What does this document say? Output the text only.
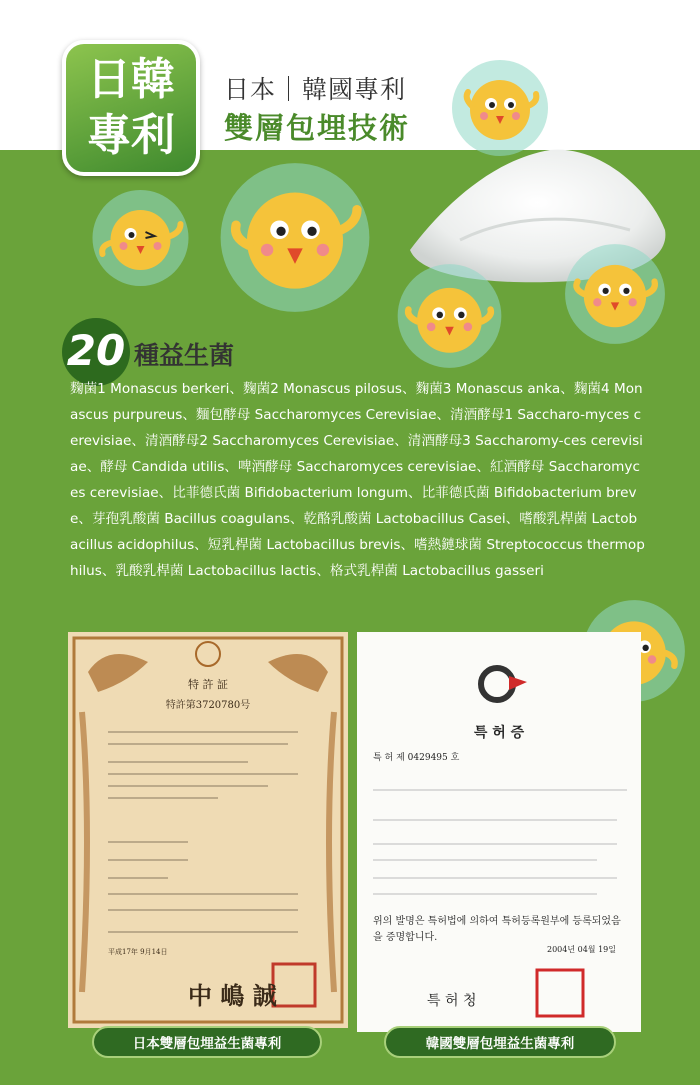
日韓
專利
日本｜韓國專利
雙層包埋技術
20 種益生菌
麴菌1 Monascus berkeri、麴菌2 Monascus pilosus、麴菌3 Monascus anka、麴菌4 Monascus purpureus、麵包酵母 Saccharomyces Cerevisiae、清酒酵母1 Saccharo-myces cerevisiae、清酒酵母2 Saccharomyces Cerevisiae、清酒酵母3 Saccharomy-ces cerevisiae、酵母 Candida utilis、啤酒酵母 Saccharomyces cerevisiae、紅酒酵母 Saccharomyces cerevisiae、比菲德氏菌 Bifidobacterium longum、比菲德氏菌 Bifidobacterium breve、芽孢乳酸菌 Bacillus coagulans、乾酪乳酸菌 Lactobacillus Casei、嗜酸乳桿菌 Lactobacillus acidophilus、短乳桿菌 Lactobacillus brevis、嗜熱鏈球菌 Streptococcus thermophilus、乳酸乳桿菌 Lactobacillus lactis、格式乳桿菌 Lactobacillus gasseri
特 許 証
特許第3720780号
平成17年 9月14日
中 嶋 誠
특 허 증
특 허 제 0429495 호
위의 발명은 특허법에 의하여 특허등록원부에 등록되었음을 증명합니다.
2004년 04월 19일
특 허 청
日本雙層包埋益生菌專利	韓國雙層包埋益生菌專利
